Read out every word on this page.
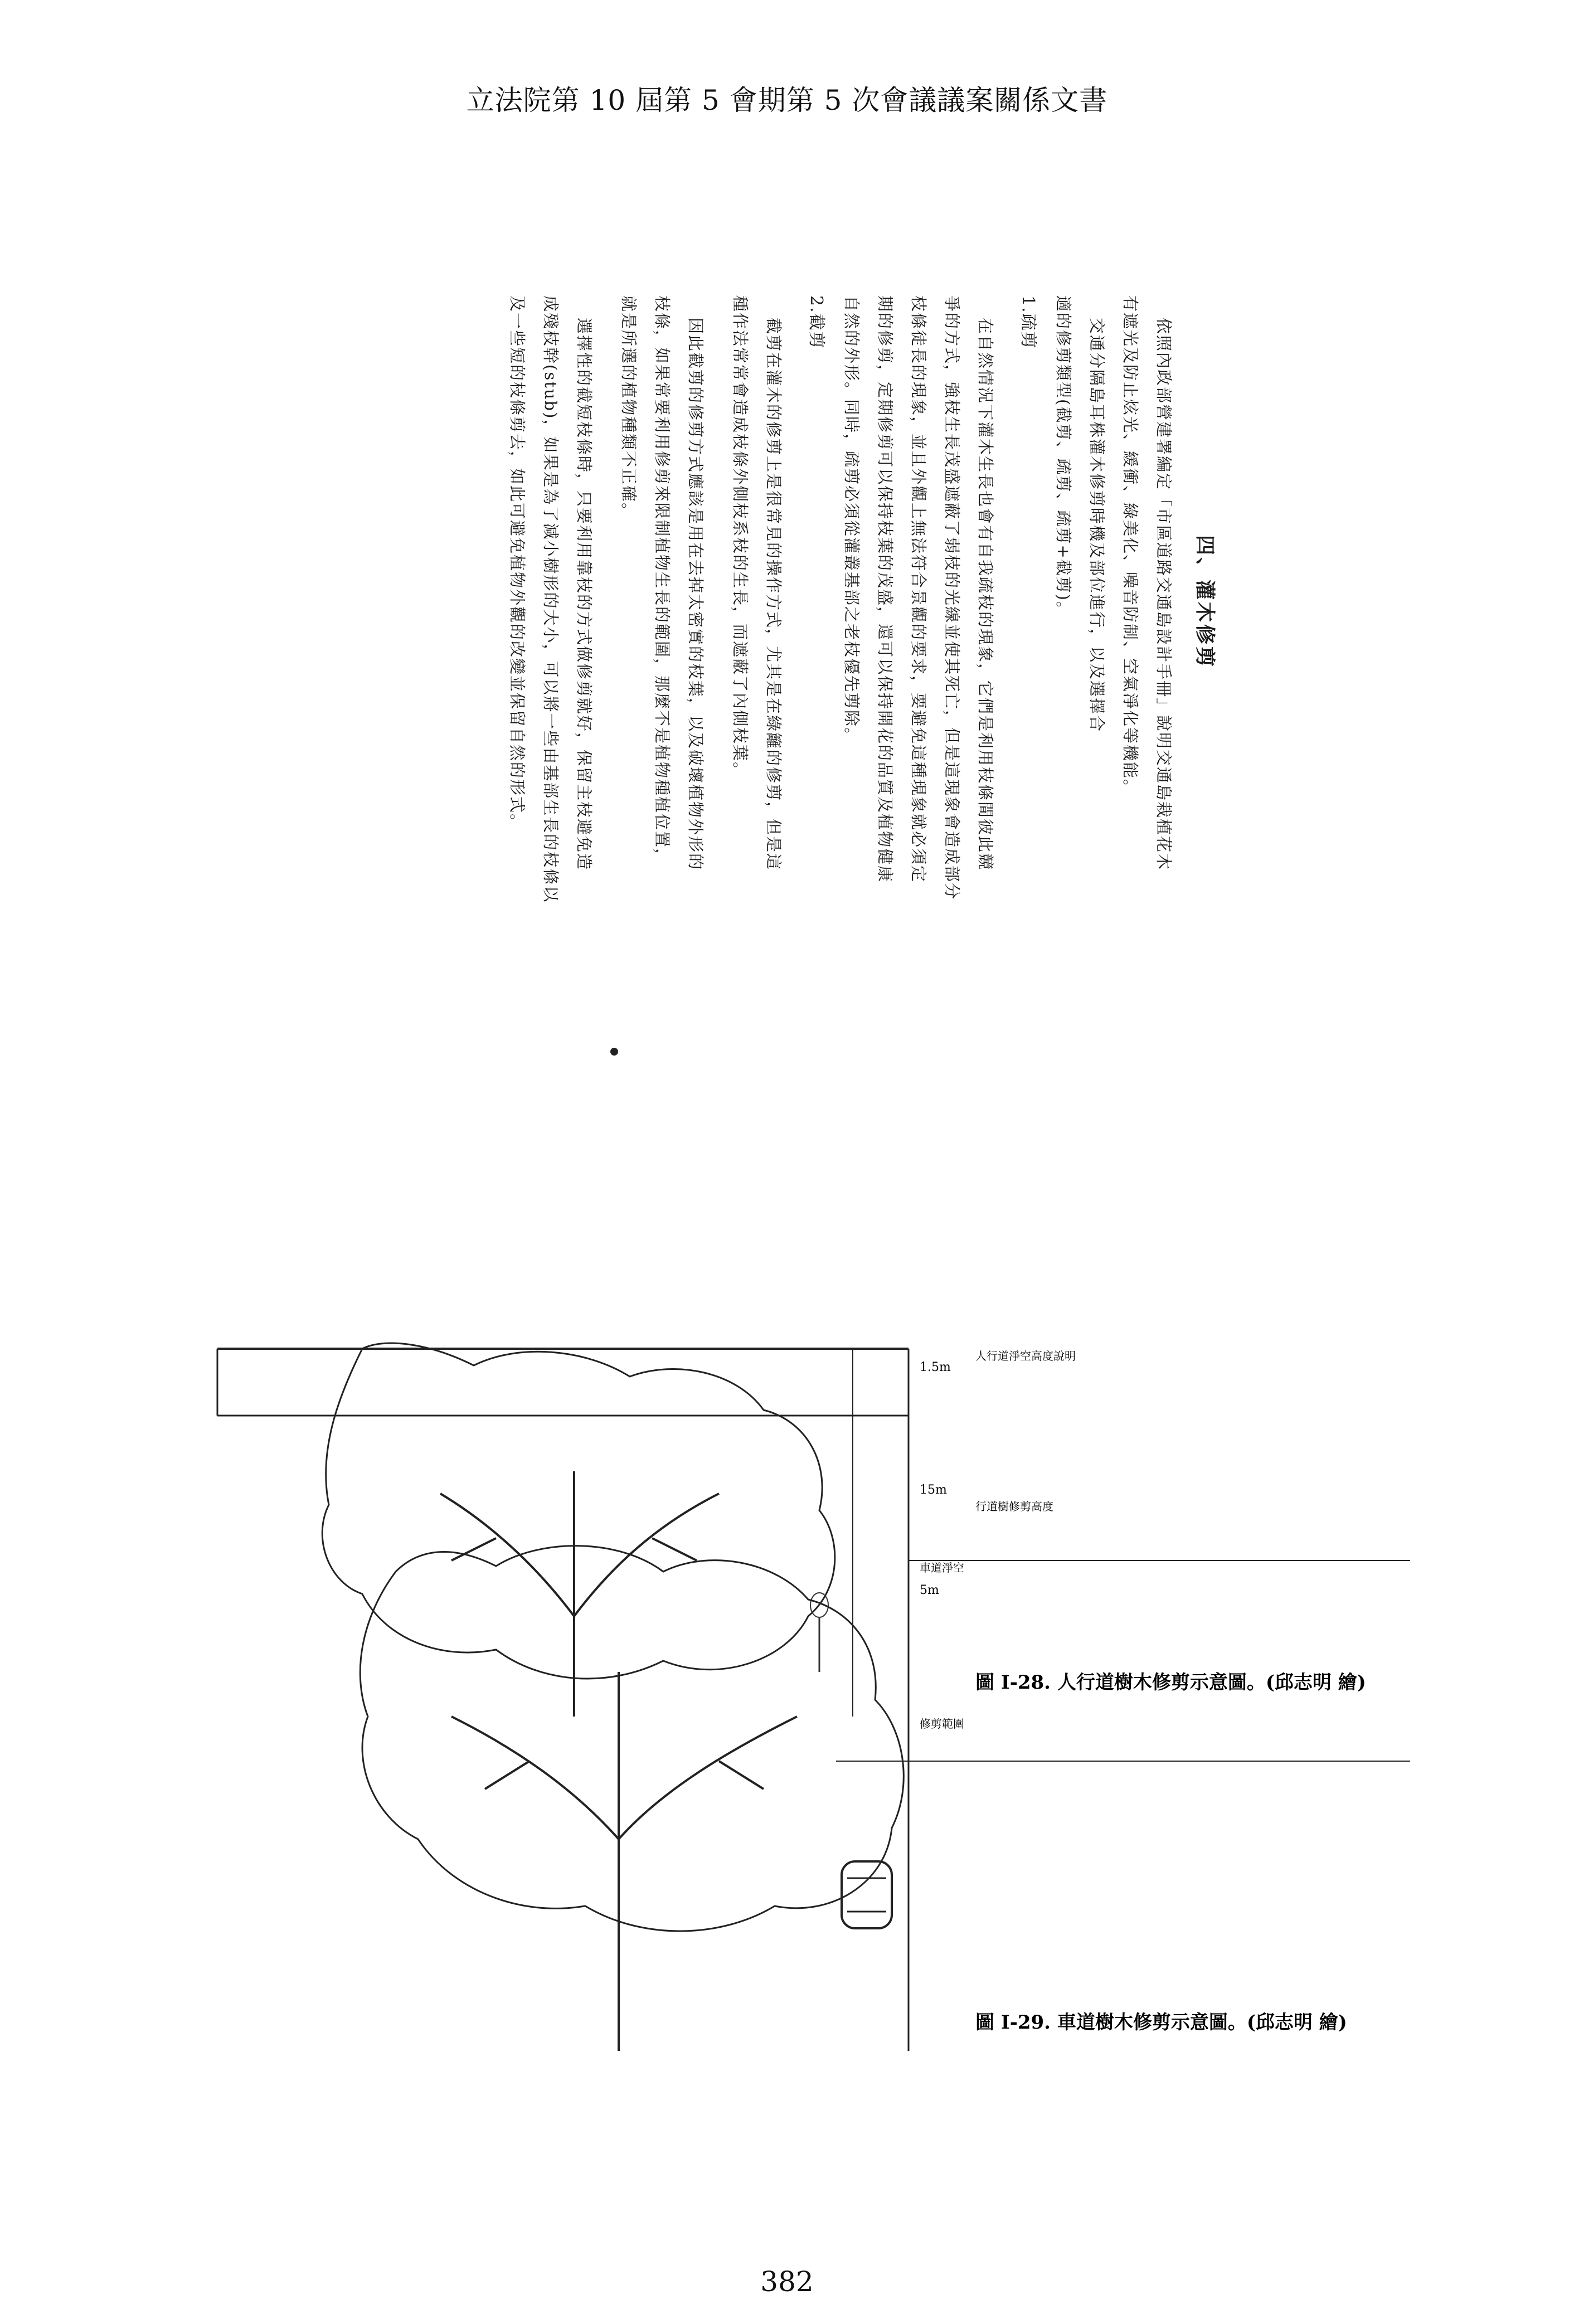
立法院第 10 屆第 5 會期第 5 次會議議案關係文書
四、灌木修剪
依照內政部營建署編定「市區道路交通島設計手冊」說明交通島栽植花木
有遮光及防止炫光、緩衝、綠美化、噪音防制、空氣淨化等機能。
交通分隔島耳株灌木修剪時機及部位進行，以及選擇合
適的修剪類型(截剪、疏剪、疏剪+截剪)。
1.疏剪
在自然情況下灌木生長也會有自我疏枝的現象，它們是利用枝條間彼此競
爭的方式，強枝生長茂盛遮蔽了弱枝的光線並使其死亡，但是這現象會造成部分
枝條徒長的現象，並且外觀上無法符合景觀的要求，要避免這種現象就必須定
期的修剪，定期修剪可以保持枝葉的茂盛，還可以保持開花的品質及植物健康
自然的外形。同時，疏剪必須從灌叢基部之老枝優先剪除。
2.截剪
截剪在灌木的修剪上是很常見的操作方式，尤其是在綠籬的修剪，但是這
種作法常常會造成枝條外側枝系枝的生長，而遮蔽了內側枝葉。
因此截剪的修剪方式應該是用在去掉太密實的枝葉，以及破壞植物外形的
枝條，如果常要利用修剪來限制植物生長的範圍，那麼不是植物種植位置，
就是所選的植物種類不正確。
選擇性的截短枝條時，只要利用靠枝的方式做修剪就好，保留主枝避免造
成殘枝幹(stub)，如果是為了減小樹形的大小，可以將一些由基部生長的枝條以
及一些短的枝條剪去，如此可避免植物外觀的改變並保留自然的形式。
1.5m
15m
5m
人行道淨空高度說明
行道樹修剪高度
圖 I-28. 人行道樹木修剪示意圖。(邱志明 繪)
車道淨空
修剪範圍
圖 I-29. 車道樹木修剪示意圖。(邱志明 繪)
382
